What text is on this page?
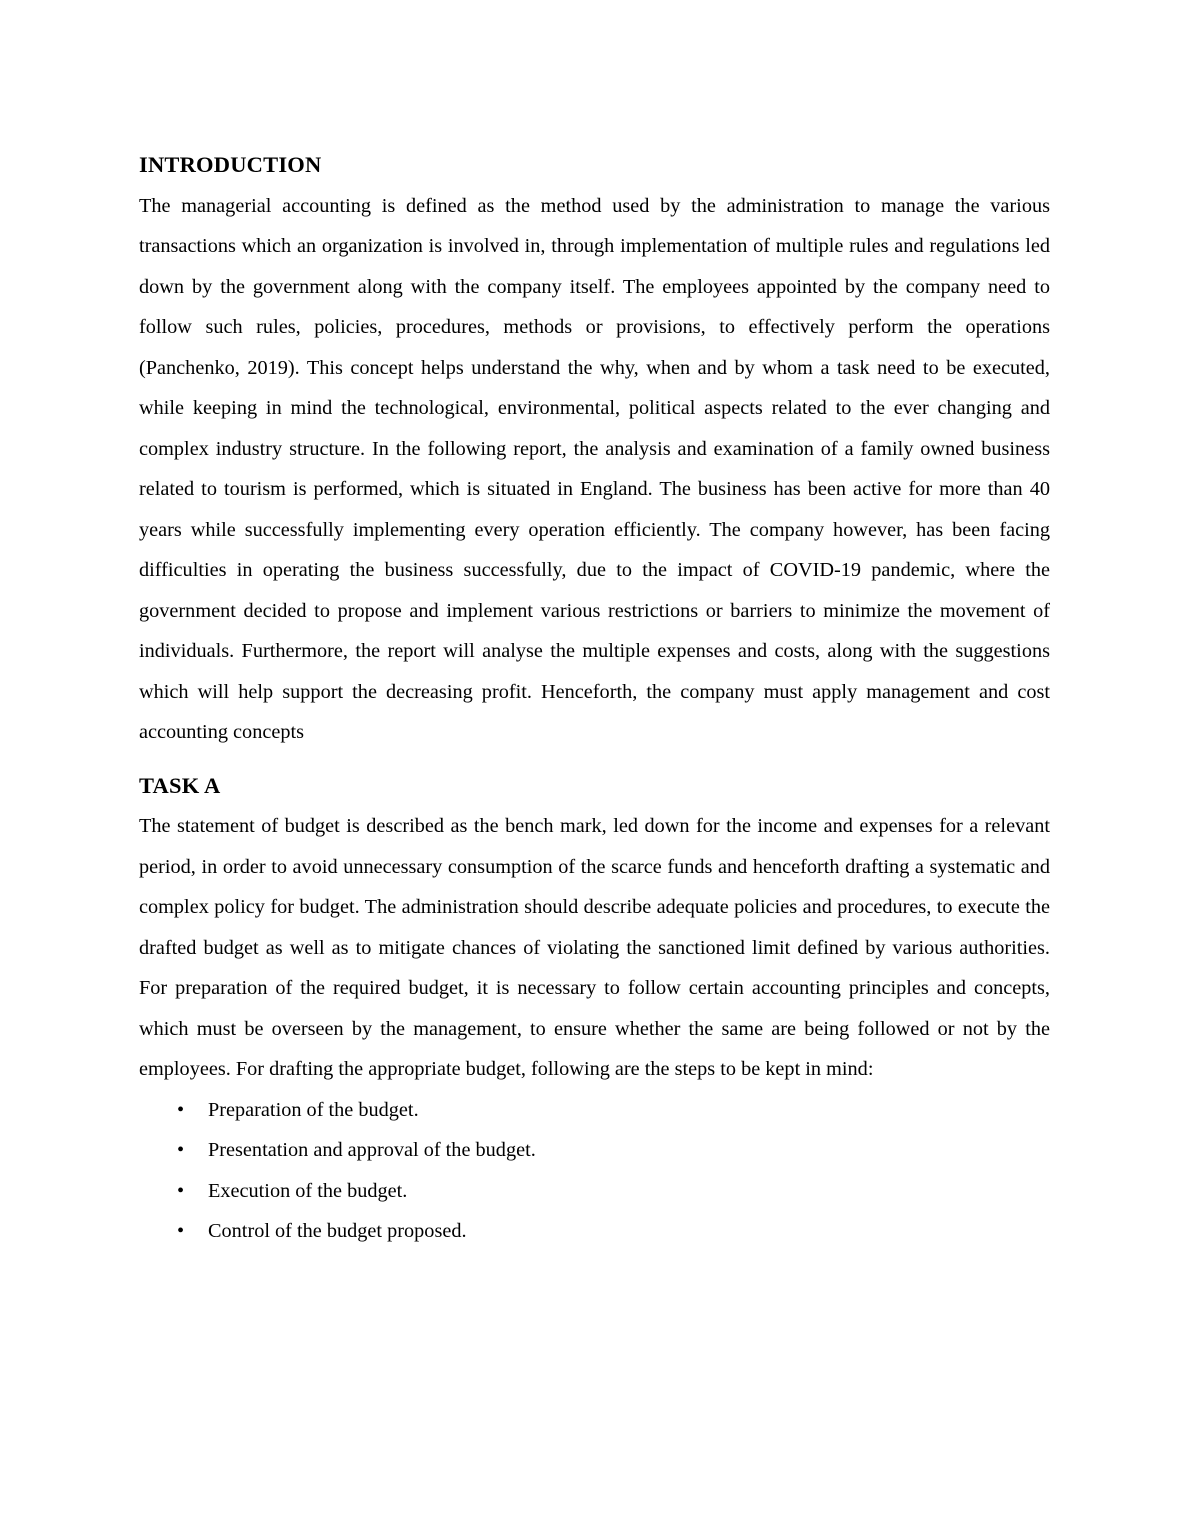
INTRODUCTION

The managerial accounting is defined as the method used by the administration to manage the various transactions which an organization is involved in, through implementation of multiple rules and regulations led down by the government along with the company itself. The employees appointed by the company need to follow such rules, policies, procedures, methods or provisions, to effectively perform the operations (Panchenko, 2019). This concept helps understand the why, when and by whom a task need to be executed, while keeping in mind the technological, environmental, political aspects related to the ever changing and complex industry structure. In the following report, the analysis and examination of a family owned business related to tourism is performed, which is situated in England. The business has been active for more than 40 years while successfully implementing every operation efficiently. The company however, has been facing difficulties in operating the business successfully, due to the impact of COVID-19 pandemic, where the government decided to propose and implement various restrictions or barriers to minimize the movement of individuals. Furthermore, the report will analyse the multiple expenses and costs, along with the suggestions which will help support the decreasing profit. Henceforth, the company must apply management and cost accounting concepts

TASK A

The statement of budget is described as the bench mark, led down for the income and expenses for a relevant period, in order to avoid unnecessary consumption of the scarce funds and henceforth drafting a systematic and complex policy for budget. The administration should describe adequate policies and procedures, to execute the drafted budget as well as to mitigate chances of violating the sanctioned limit defined by various authorities. For preparation of the required budget, it is necessary to follow certain accounting principles and concepts, which must be overseen by the management, to ensure whether the same are being followed or not by the employees. For drafting the appropriate budget, following are the steps to be kept in mind:

• Preparation of the budget.
• Presentation and approval of the budget.
• Execution of the budget.
• Control of the budget proposed.
